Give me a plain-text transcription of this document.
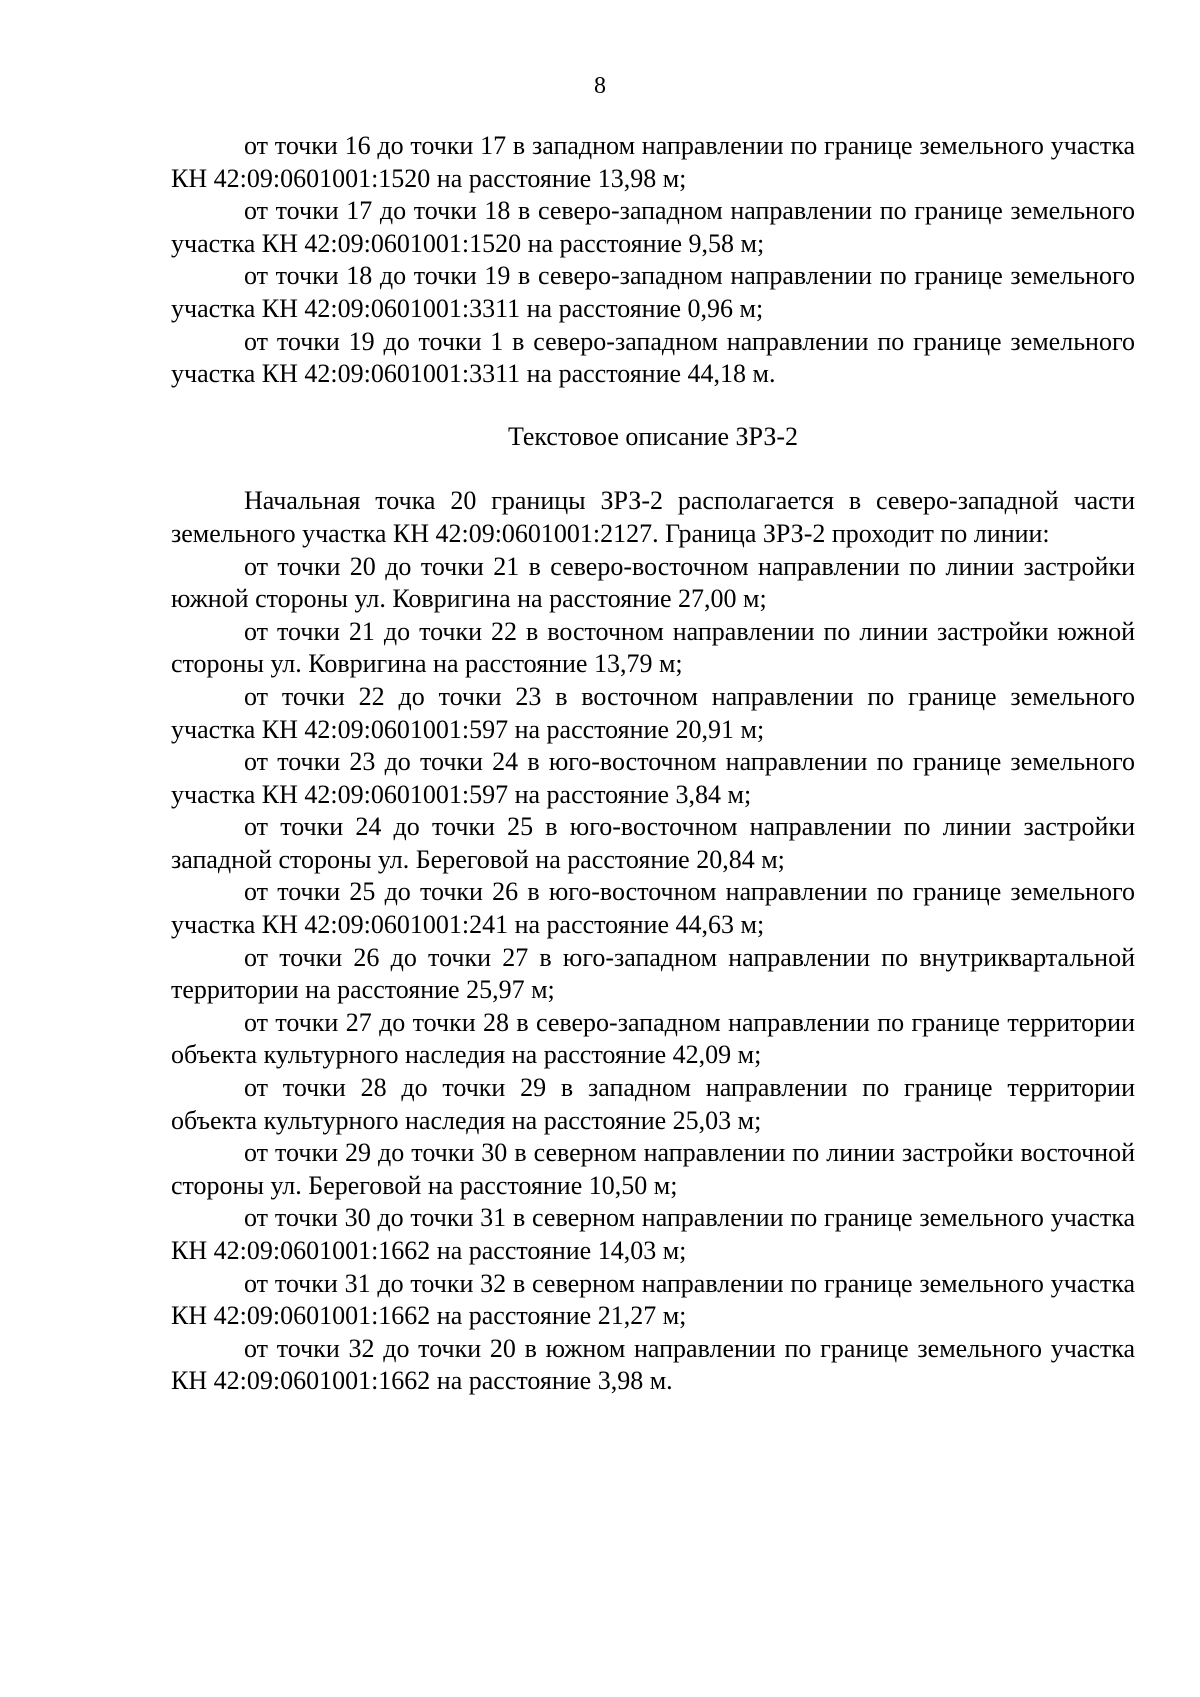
8

от точки 16 до точки 17 в западном направлении по границе земельного участка КН 42:09:0601001:1520 на расстояние 13,98 м;

от точки 17 до точки 18 в северо-западном направлении по границе земельного участка КН 42:09:0601001:1520 на расстояние 9,58 м;

от точки 18 до точки 19 в северо-западном направлении по границе земельного участка КН 42:09:0601001:3311 на расстояние 0,96 м;

от точки 19 до точки 1 в северо-западном направлении по границе земельного участка КН 42:09:0601001:3311 на расстояние 44,18 м.

Текстовое описание ЗРЗ-2

Начальная точка 20 границы ЗРЗ-2 располагается в северо-западной части земельного участка КН 42:09:0601001:2127. Граница ЗРЗ-2 проходит по линии:

от точки 20 до точки 21 в северо-восточном направлении по линии застройки южной стороны ул. Ковригина на расстояние 27,00 м;

от точки 21 до точки 22 в восточном направлении по линии застройки южной стороны ул. Ковригина на расстояние 13,79 м;

от точки 22 до точки 23 в восточном направлении по границе земельного участка КН 42:09:0601001:597 на расстояние 20,91 м;

от точки 23 до точки 24 в юго-восточном направлении по границе земельного участка КН 42:09:0601001:597 на расстояние 3,84 м;

от точки 24 до точки 25 в юго-восточном направлении по линии застройки западной стороны ул. Береговой на расстояние 20,84 м;

от точки 25 до точки 26 в юго-восточном направлении по границе земельного участка КН 42:09:0601001:241 на расстояние 44,63 м;

от точки 26 до точки 27 в юго-западном направлении по внутриквартальной территории на расстояние 25,97 м;

от точки 27 до точки 28 в северо-западном направлении по границе территории объекта культурного наследия на расстояние 42,09 м;

от точки 28 до точки 29 в западном направлении по границе территории объекта культурного наследия на расстояние 25,03 м;

от точки 29 до точки 30 в северном направлении по линии застройки восточной стороны ул. Береговой на расстояние 10,50 м;

от точки 30 до точки 31 в северном направлении по границе земельного участка КН 42:09:0601001:1662 на расстояние 14,03 м;

от точки 31 до точки 32 в северном направлении по границе земельного участка КН 42:09:0601001:1662 на расстояние 21,27 м;

от точки 32 до точки 20 в южном направлении по границе земельного участка КН 42:09:0601001:1662 на расстояние 3,98 м.
